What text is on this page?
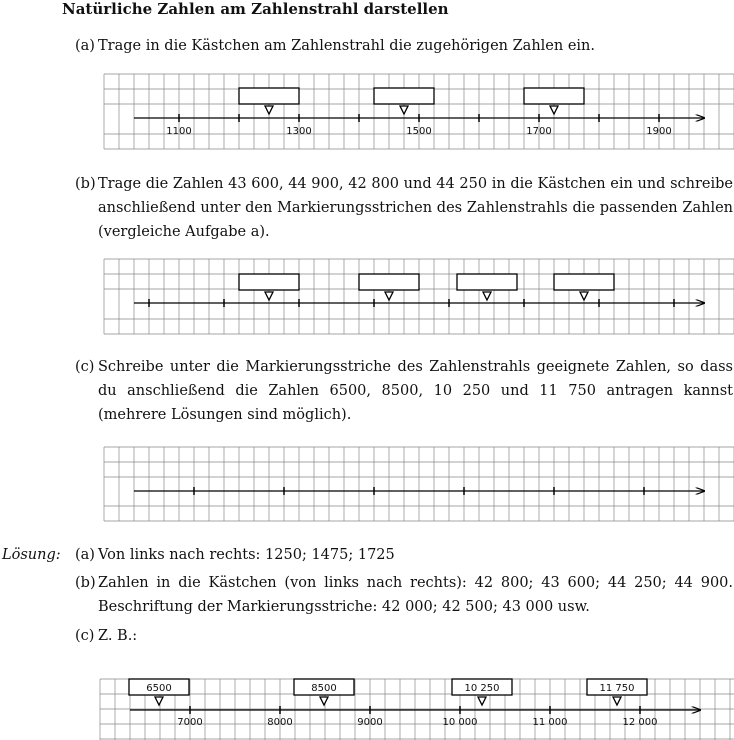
Natürliche Zahlen am Zahlenstrahl darstellen
(a) Trage in die Kästchen am Zahlenstrahl die zugehörigen Zahlen ein.
1100	1300	1500	1700	1900
7000	8000	9000	10 000	11 000	12 000
6500	8500	10 250	11 750
(b) Trage die Zahlen 43 600, 44 900, 42 800 und 44 250 in die Kästchen ein und schreibe anschließend unter den Markierungsstrichen des Zahlenstrahls die passenden Zahlen (vergleiche Aufgabe a).
(c) Schreibe unter die Markierungsstriche des Zahlenstrahls geeignete Zahlen, so dass du anschließend die Zahlen 6500, 8500, 10 250 und 11 750 antragen kannst (mehrere Lösungen sind möglich).
Lösung: (a) Von links nach rechts: 1250; 1475; 1725
(b) Zahlen in die Kästchen (von links nach rechts): 42 800; 43 600; 44 250; 44 900. Beschriftung der Markierungsstriche: 42 000; 42 500; 43 000 usw.
(c) Z. B.:
